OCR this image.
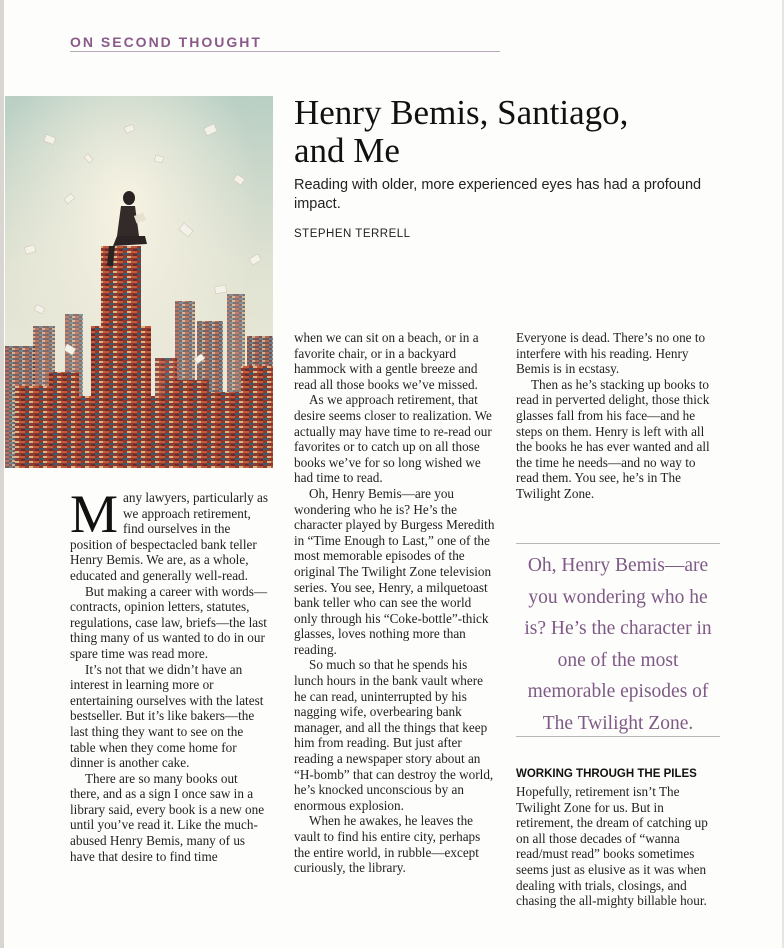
ON SECOND THOUGHT
Henry Bemis, Santiago,
and Me
Reading with older, more experienced eyes has had a profound impact.
STEPHEN TERRELL

Many lawyers, particularly as we approach retirement, find ourselves in the position of bespectacled bank teller Henry Bemis. We are, as a whole, educated and generally well-read.

But making a career with words—contracts, opinion letters, statutes, regulations, case law, briefs—the last thing many of us wanted to do in our spare time was read more.

It’s not that we didn’t have an interest in learning more or entertaining ourselves with the latest bestseller. But it’s like bakers—the last thing they want to see on the table when they come home for dinner is another cake.

There are so many books out there, and as a sign I once saw in a library said, every book is a new one until you’ve read it. Like the much-abused Henry Bemis, many of us have that desire to find time

when we can sit on a beach, or in a favorite chair, or in a backyard hammock with a gentle breeze and read all those books we’ve missed.

As we approach retirement, that desire seems closer to realization. We actually may have time to re-read our favorites or to catch up on all those books we’ve for so long wished we had time to read.

Oh, Henry Bemis—are you wondering who he is? He’s the character played by Burgess Meredith in “Time Enough to Last,” one of the most memorable episodes of the original The Twilight Zone television series. You see, Henry, a milquetoast bank teller who can see the world only through his “Coke-bottle”-thick glasses, loves nothing more than reading.

So much so that he spends his lunch hours in the bank vault where he can read, uninterrupted by his nagging wife, overbearing bank manager, and all the things that keep him from reading. But just after reading a newspaper story about an “H-bomb” that can destroy the world, he’s knocked unconscious by an enormous explosion.

When he awakes, he leaves the vault to find his entire city, perhaps the entire world, in rubble—except curiously, the library.

Everyone is dead. There’s no one to interfere with his reading. Henry Bemis is in ecstasy.

Then as he’s stacking up books to read in perverted delight, those thick glasses fall from his face—and he steps on them. Henry is left with all the books he has ever wanted and all the time he needs—and no way to read them. You see, he’s in The Twilight Zone.

Oh, Henry Bemis—are you wondering who he is? He’s the character in one of the most memorable episodes of The Twilight Zone.
WORKING THROUGH THE PILES

Hopefully, retirement isn’t The Twilight Zone for us. But in retirement, the dream of catching up on all those decades of “wanna read/must read” books sometimes seems just as elusive as it was when dealing with trials, closings, and chasing the all-mighty billable hour.
